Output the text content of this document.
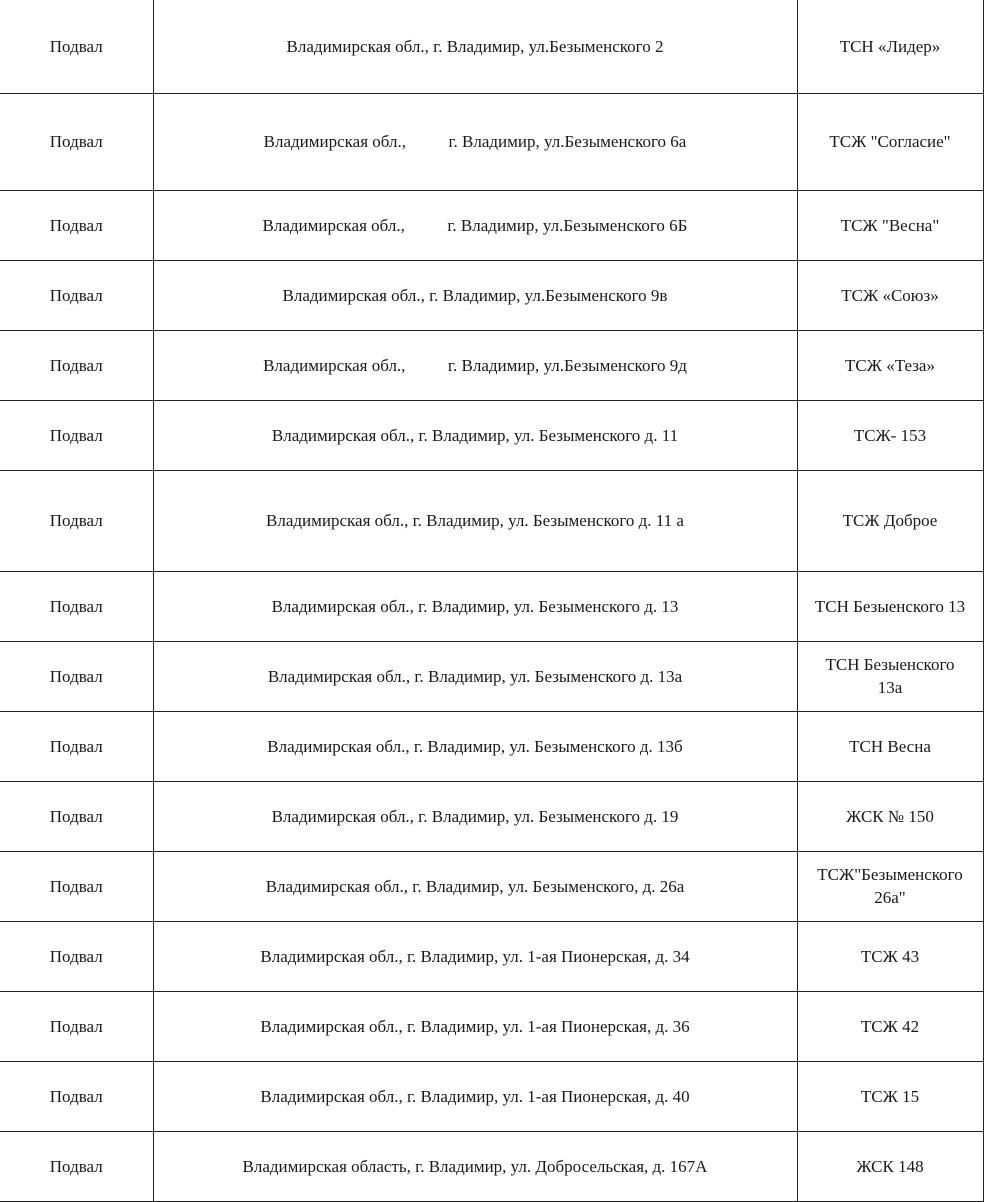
Подвал	Владимирская обл., г. Владимир, ул.Безыменского 2	ТСН «Лидер»
Подвал	Владимирская обл.,          г. Владимир, ул.Безыменского 6а	ТСЖ "Согласие"
Подвал	Владимирская обл.,          г. Владимир, ул.Безыменского 6Б	ТСЖ "Весна"
Подвал	Владимирская обл., г. Владимир, ул.Безыменского 9в	ТСЖ «Союз»
Подвал	Владимирская обл.,          г. Владимир, ул.Безыменского 9д	ТСЖ «Теза»
Подвал	Владимирская обл., г. Владимир, ул. Безыменского д. 11	ТСЖ- 153
Подвал	Владимирская обл., г. Владимир, ул. Безыменского д. 11 а	ТСЖ Доброе
Подвал	Владимирская обл., г. Владимир, ул. Безыменского д. 13	ТСН Безыенского 13
Подвал	Владимирская обл., г. Владимир, ул. Безыменского д. 13а	ТСН Безыенского
13а
Подвал	Владимирская обл., г. Владимир, ул. Безыменского д. 13б	ТСН Весна
Подвал	Владимирская обл., г. Владимир, ул. Безыменского д. 19	ЖСК № 150
Подвал	Владимирская обл., г. Владимир, ул. Безыменского, д. 26а	ТСЖ"Безыменского
26а"
Подвал	Владимирская обл., г. Владимир, ул. 1-ая Пионерская, д. 34	ТСЖ 43
Подвал	Владимирская обл., г. Владимир, ул. 1-ая Пионерская, д. 36	ТСЖ 42
Подвал	Владимирская обл., г. Владимир, ул. 1-ая Пионерская, д. 40	ТСЖ 15
Подвал	Владимирская область, г. Владимир, ул. Добросельская, д. 167А	ЖСК 148
